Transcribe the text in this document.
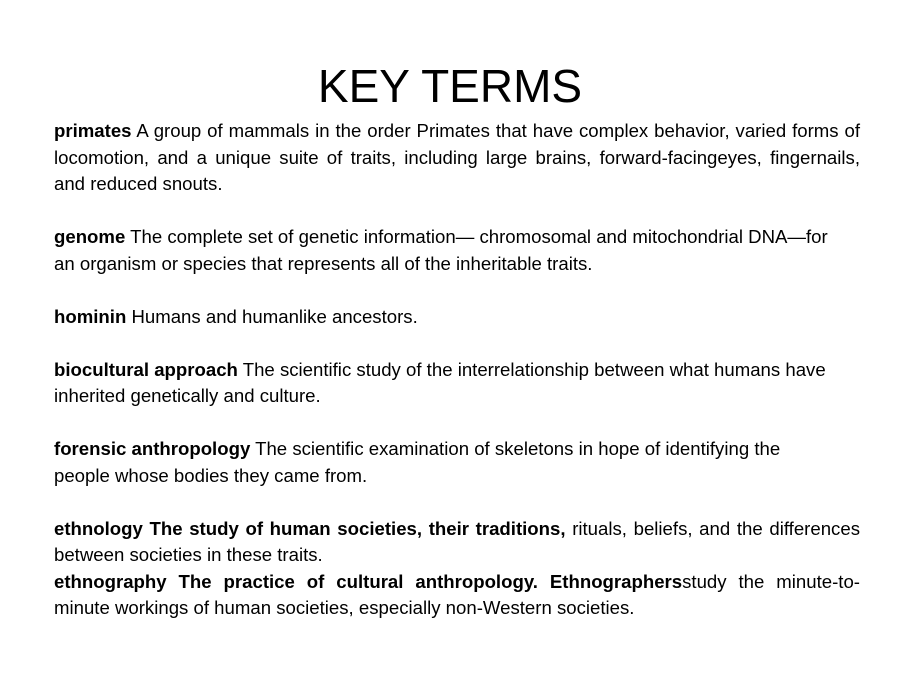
KEY TERMS

primates A group of mammals in the order Primates that have complex behavior, varied forms of locomotion, and a unique suite of traits, including large brains, forward-facingeyes, fingernails, and reduced snouts.

genome The complete set of genetic information— chromosomal and mitochondrial DNA—for an organism or species that represents all of the inheritable traits.

hominin Humans and humanlike ancestors.

biocultural approach The scientific study of the interrelationship between what humans have inherited genetically and culture.

forensic anthropology The scientific examination of skeletons in hope of identifying the people whose bodies they came from.

ethnology The study of human societies, their traditions, rituals, beliefs, and the differences between societies in these traits.

ethnography The practice of cultural anthropology. Ethnographersstudy the minute-to-minute workings of human societies, especially non-Western societies.
